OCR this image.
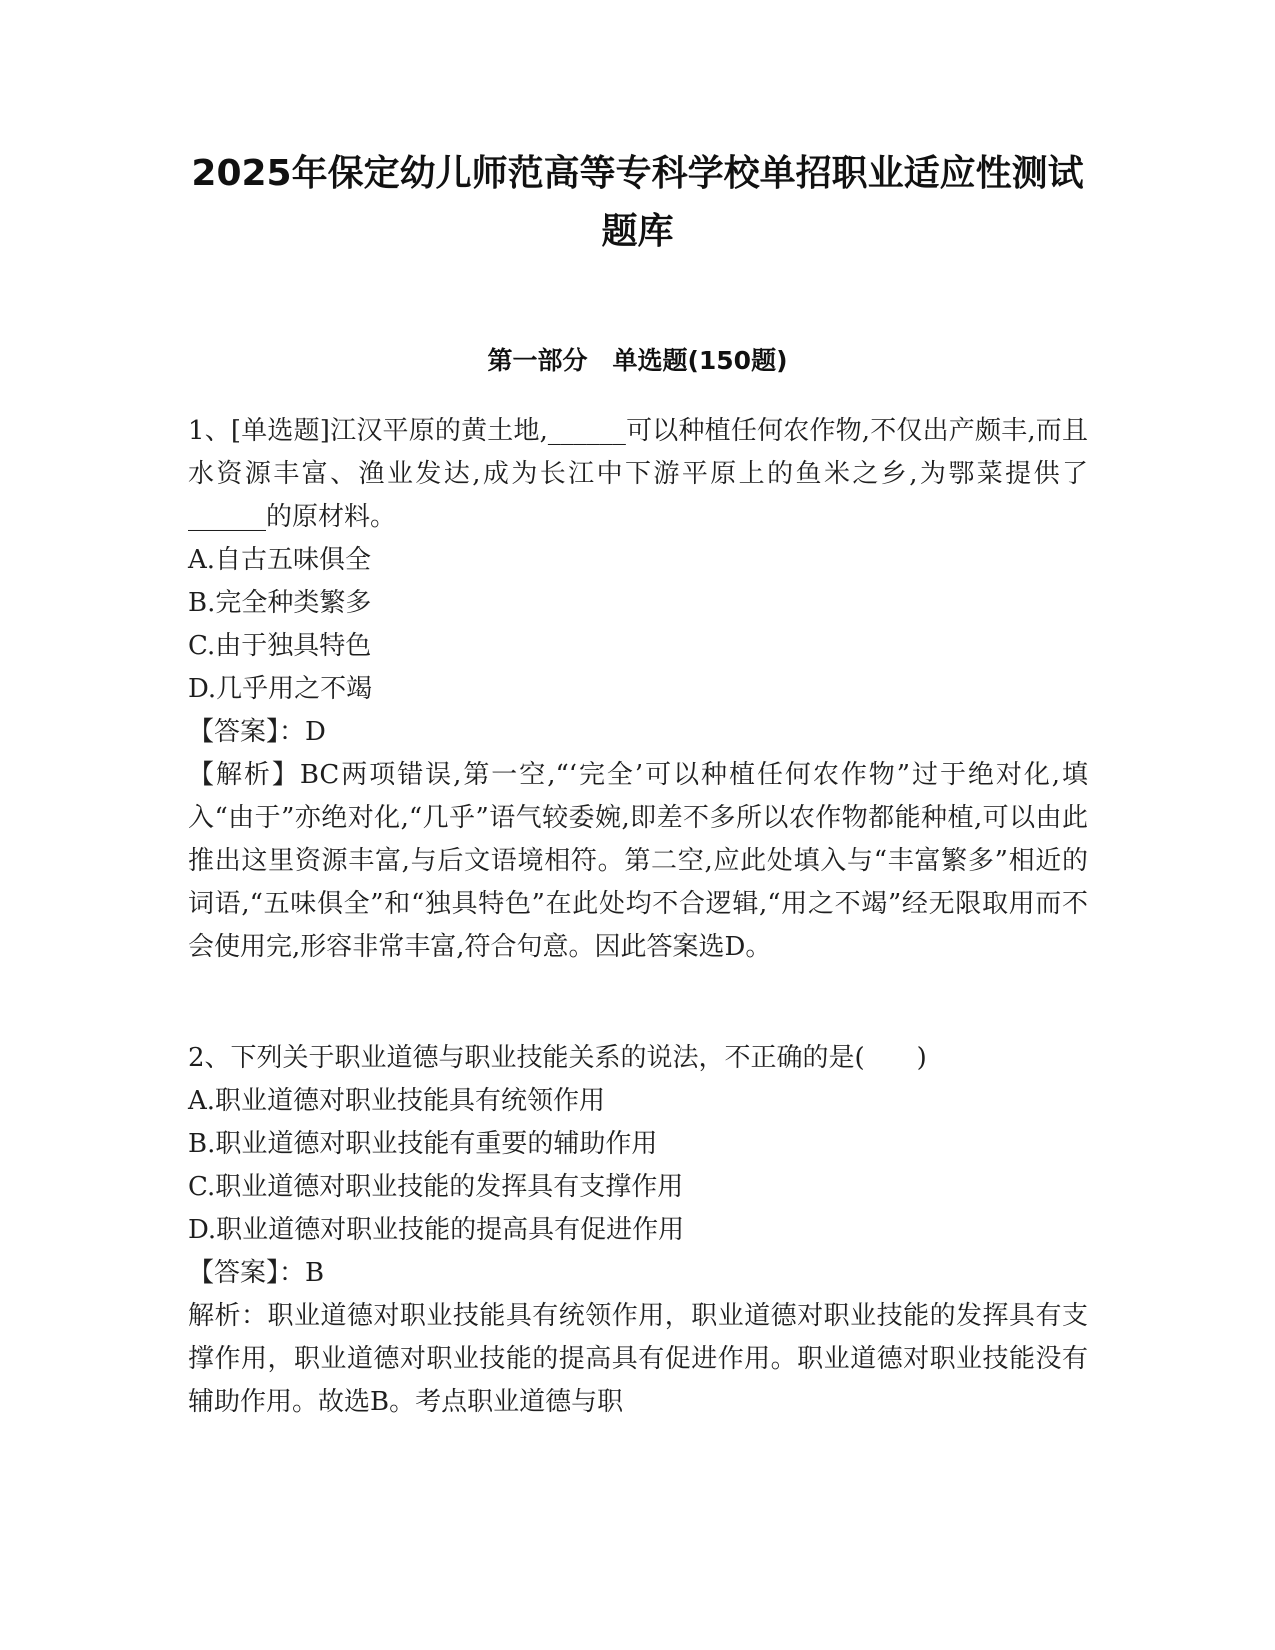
2025年保定幼儿师范高等专科学校单招职业适应性测试题库
第一部分　单选题(150题)

1、[单选题]江汉平原的黄土地,______可以种植任何农作物,不仅出产颇丰,而且水资源丰富、渔业发达,成为长江中下游平原上的鱼米之乡,为鄂菜提供了______的原材料。

A.自古五味俱全

B.完全种类繁多

C.由于独具特色

D.几乎用之不竭

【答案】：D

【解析】BC两项错误,第一空,“‘完全’可以种植任何农作物”过于绝对化,填入“由于”亦绝对化,“几乎”语气较委婉,即差不多所以农作物都能种植,可以由此推出这里资源丰富,与后文语境相符。第二空,应此处填入与“丰富繁多”相近的词语,“五味俱全”和“独具特色”在此处均不合逻辑,“用之不竭”经无限取用而不会使用完,形容非常丰富,符合句意。因此答案选D。

2、下列关于职业道德与职业技能关系的说法，不正确的是(　　)

A.职业道德对职业技能具有统领作用

B.职业道德对职业技能有重要的辅助作用

C.职业道德对职业技能的发挥具有支撑作用

D.职业道德对职业技能的提高具有促进作用

【答案】：B

解析：职业道德对职业技能具有统领作用，职业道德对职业技能的发挥具有支撑作用，职业道德对职业技能的提高具有促进作用。职业道德对职业技能没有辅助作用。故选B。考点职业道德与职
